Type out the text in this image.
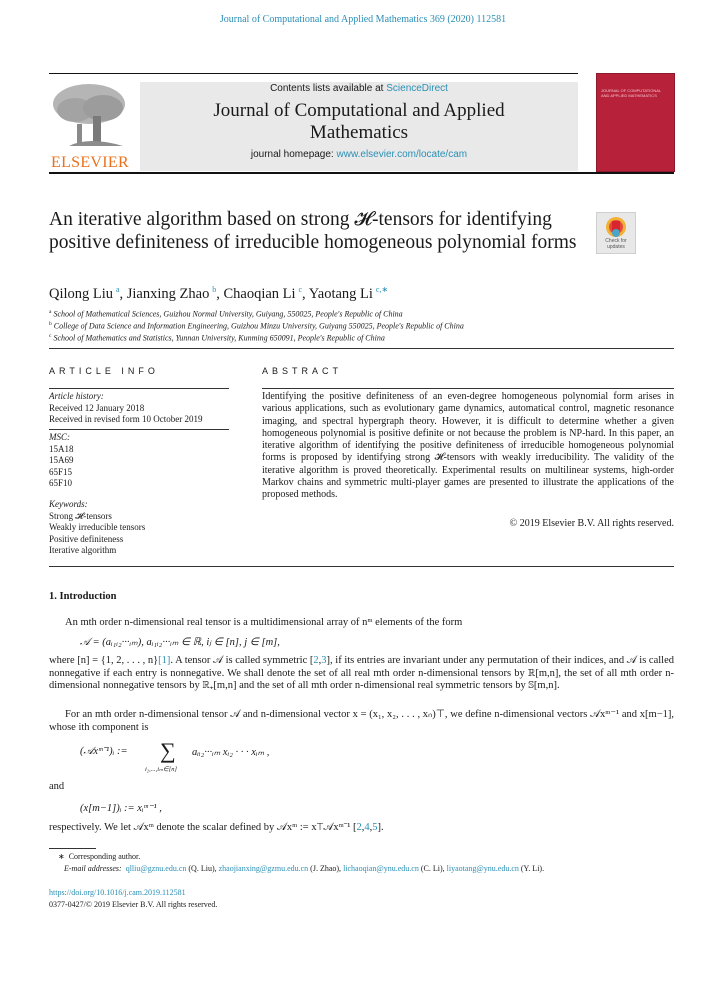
Journal of Computational and Applied Mathematics 369 (2020) 112581
ELSEVIER
Contents lists available at ScienceDirect
Journal of Computational and Applied
Mathematics
journal homepage: www.elsevier.com/locate/cam
JOURNAL OF COMPUTATIONAL AND APPLIED MATHEMATICS
An iterative algorithm based on strong 𝓗-tensors for identifying positive definiteness of irreducible homogeneous polynomial forms	Check for updates
Qilong Liu  $^a$, Jianxing Zhao  $^b$, Chaoqian Li  $^c$, Yaotang Li  $^{c,∗}$
$^a$ School of Mathematical Sciences, Guizhou Normal University, Guiyang, 550025, People's Republic of China
$^b$ College of Data Science and Information Engineering, Guizhou Minzu University, Guiyang 550025, People's Republic of China
$^c$ School of Mathematics and Statistics, Yunnan University, Kunming 650091, People's Republic of China
ARTICLE INFO
Article history:
Received 12 January 2018
Received in revised form 10 October 2019
MSC:
15A18
15A69
65F15
65F10
Keywords:
Strong 𝓗-tensors
Weakly irreducible tensors
Positive definiteness
Iterative algorithm
ABSTRACT
Identifying the positive definiteness of an even-degree homogeneous polynomial form arises in various applications, such as evolutionary game dynamics, automatical control, magnetic resonance imaging, and spectral hypergraph theory. However, it is difficult to determine whether a given homogeneous polynomial is positive definite or not because the problem is NP-hard. In this paper, an iterative algorithm of identifying the positive definiteness of irreducible homogeneous polynomial forms is proposed by identifying strong 𝓗-tensors with weakly irreducibility. The validity of the iterative algorithm is proved theoretically. Experimental results on multilinear systems, high-order Markov chains and symmetric multi-player games are presented to illustrate the applications of the proposed methods.
© 2019 Elsevier B.V. All rights reserved.
1. Introduction
An mth order n-dimensional real tensor is a multidimensional array of nᵐ elements of the form
𝒜 = (aᵢ₁ᵢ₂···ᵢₘ), aᵢ₁ᵢ₂···ᵢₘ ∈ ℝ, iⱼ ∈ [n], j ∈ [m],
where [n] = {1, 2, . . . , n}[1]. A tensor 𝒜 is called symmetric [2,3], if its entries are invariant under any permutation of their indices, and 𝒜 is called nonnegative if each entry is nonnegative. We shall denote the set of all real mth order n-dimensional tensors by ℝ[m,n], the set of all mth order n-dimensional nonnegative tensors by ℝ₊[m,n] and the set of all mth order n-dimensional real symmetric tensors by 𝕊[m,n].
For an mth order n-dimensional tensor 𝒜 and n-dimensional vector x = (x₁, x₂, . . . , xₙ)⊤, we define n-dimensional vectors 𝒜xᵐ⁻¹ and x[m−1], whose ith component is
(𝒜xᵐ⁻¹)ᵢ := ∑
i₂,...,iₘ∈[n]
aᵢᵢ₂···ᵢₘ xᵢ₂ · · · xᵢₘ ,
and
(x[m−1])ᵢ := xᵢᵐ⁻¹ ,
respectively. We let 𝒜xᵐ denote the scalar defined by 𝒜xᵐ := x⊤𝒜xᵐ⁻¹ [2,4,5].
∗ Corresponding author.
E-mail addresses: qlliu@gznu.edu.cn (Q. Liu), zhaojianxing@gzmu.edu.cn (J. Zhao), lichaoqian@ynu.edu.cn (C. Li), liyaotang@ynu.edu.cn (Y. Li).
https://doi.org/10.1016/j.cam.2019.112581
0377-0427/© 2019 Elsevier B.V. All rights reserved.
